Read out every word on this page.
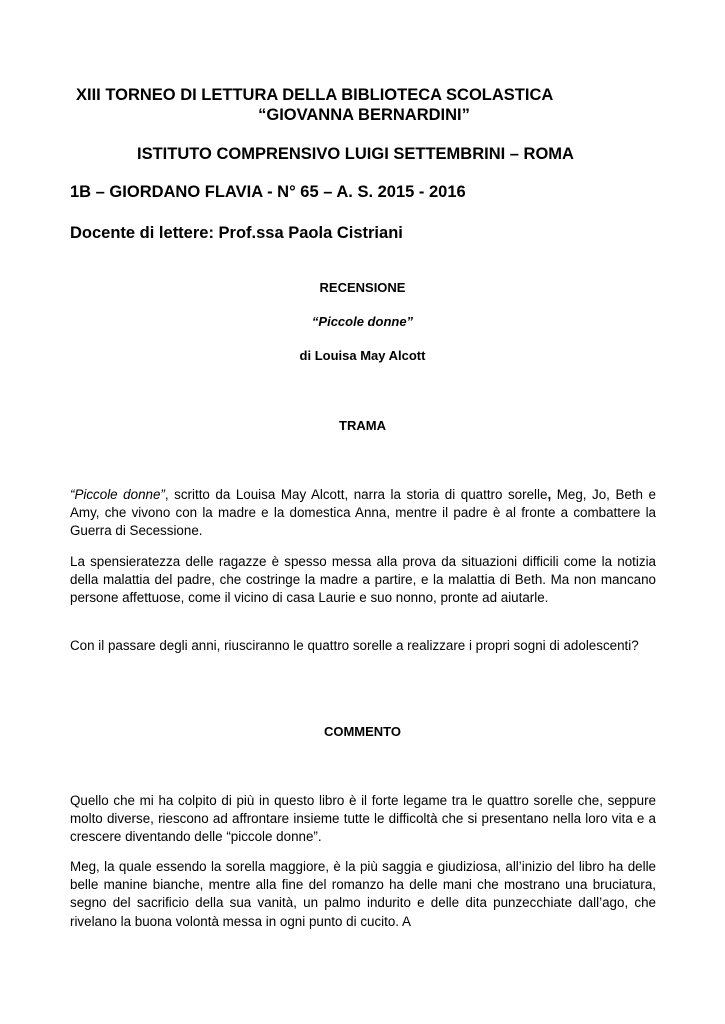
XIII TORNEO DI LETTURA DELLA BIBLIOTECA SCOLASTICA
“GIOVANNA BERNARDINI”
ISTITUTO COMPRENSIVO LUIGI SETTEMBRINI – ROMA
1B – GIORDANO FLAVIA - N° 65 – A. S. 2015 - 2016
Docente di lettere: Prof.ssa Paola Cistriani
RECENSIONE
“Piccole donne”
di Louisa May Alcott
TRAMA

“Piccole donne”, scritto da Louisa May Alcott, narra la storia di quattro sorelle, Meg, Jo, Beth e Amy, che vivono con la madre e la domestica Anna, mentre il padre è al fronte a combattere la Guerra di Secessione.

La spensieratezza delle ragazze è spesso messa alla prova da situazioni difficili come la notizia della malattia del padre, che costringe la madre a partire, e la malattia di Beth. Ma non mancano persone affettuose, come il vicino di casa Laurie e suo nonno, pronte ad aiutarle.

Con il passare degli anni, riusciranno le quattro sorelle a realizzare i propri sogni di adolescenti?

COMMENTO

Quello che mi ha colpito di più in questo libro è il forte legame tra le quattro sorelle che, seppure molto diverse, riescono ad affrontare insieme tutte le difficoltà che si presentano nella loro vita e a crescere diventando delle “piccole donne”.

Meg, la quale essendo la sorella maggiore, è la più saggia e giudiziosa, all’inizio del libro ha delle belle manine bianche, mentre alla fine del romanzo ha delle mani che mostrano una bruciatura, segno del sacrificio della sua vanità, un palmo indurito e delle dita punzecchiate dall’ago, che rivelano la buona volontà messa in ogni punto di cucito. A
